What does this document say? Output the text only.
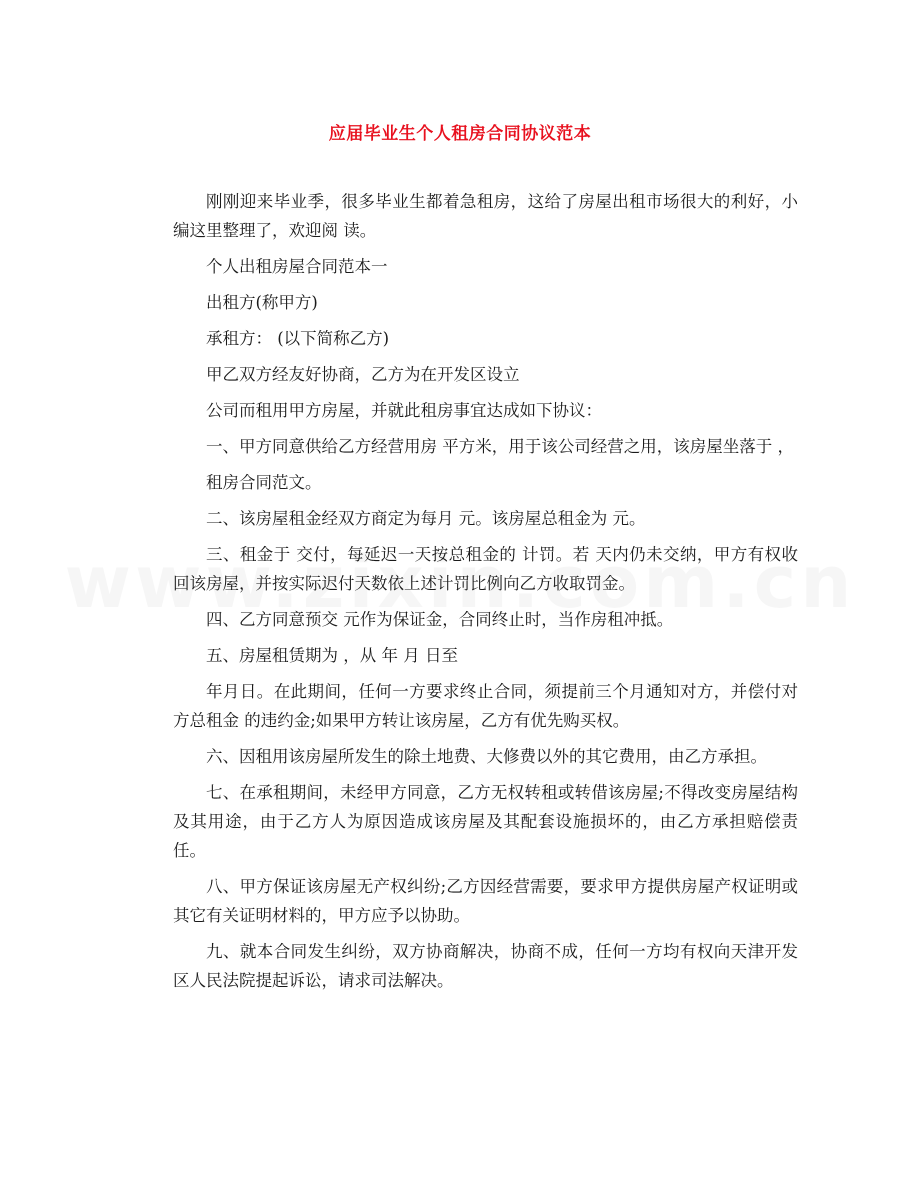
应届毕业生个人租房合同协议范本

刚刚迎来毕业季，很多毕业生都着急租房，这给了房屋出租市场很大的利好，小编这里整理了，欢迎阅 读。

个人出租房屋合同范本一

出租方(称甲方)

承租方： (以下简称乙方)

甲乙双方经友好协商，乙方为在开发区设立

公司而租用甲方房屋，并就此租房事宜达成如下协议：

一、甲方同意供给乙方经营用房 平方米，用于该公司经营之用，该房屋坐落于 ，

租房合同范文。

二、该房屋租金经双方商定为每月 元。该房屋总租金为 元。

三、租金于 交付，每延迟一天按总租金的 计罚。若 天内仍未交纳，甲方有权收回该房屋，并按实际迟付天数依上述计罚比例向乙方收取罚金。

四、乙方同意预交 元作为保证金，合同终止时，当作房租冲抵。

五、房屋租赁期为 ，从 年 月 日至

年月日。在此期间，任何一方要求终止合同，须提前三个月通知对方，并偿付对方总租金 的违约金;如果甲方转让该房屋，乙方有优先购买权。

六、因租用该房屋所发生的除土地费、大修费以外的其它费用，由乙方承担。

七、在承租期间，未经甲方同意，乙方无权转租或转借该房屋;不得改变房屋结构及其用途，由于乙方人为原因造成该房屋及其配套设施损坏的，由乙方承担赔偿责任。

八、甲方保证该房屋无产权纠纷;乙方因经营需要，要求甲方提供房屋产权证明或其它有关证明材料的，甲方应予以协助。

九、就本合同发生纠纷，双方协商解决，协商不成，任何一方均有权向天津开发区人民法院提起诉讼，请求司法解决。
